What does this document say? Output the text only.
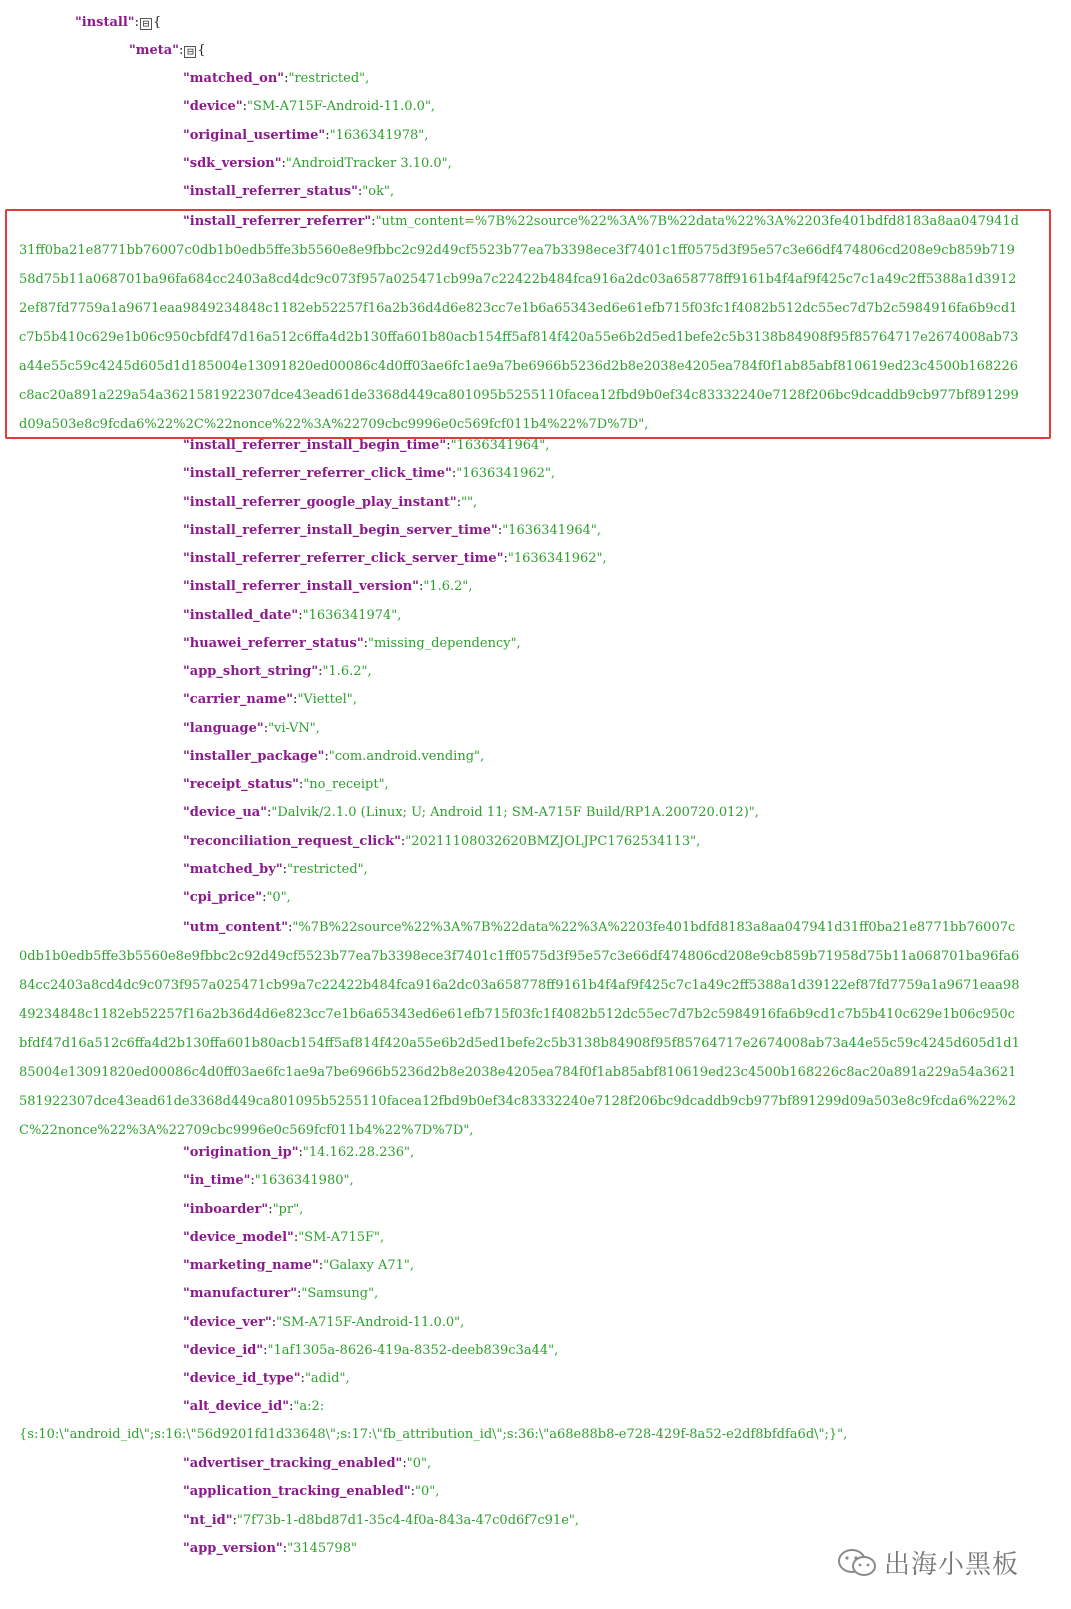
"install": ⊟ {
"meta": ⊟ {
"matched_on":"restricted",
"device":"SM-A715F-Android-11.0.0",
"original_usertime":"1636341978",
"sdk_version":"AndroidTracker 3.10.0",
"install_referrer_status":"ok",
"install_referrer_referrer":"utm_content=%7B%22source%22%3A%7B%22data%22%3A%2203fe401bdfd8183a8aa047941d31ff0ba21e8771bb76007c0db1b0edb5ffe3b5560e8e9fbbc2c92d49cf5523b77ea7b3398ece3f7401c1ff0575d3f95e57c3e66df474806cd208e9cb859b71958d75b11a068701ba96fa684cc2403a8cd4dc9c073f957a025471cb99a7c22422b484fca916a2dc03a658778ff9161b4f4af9f425c7c1a49c2ff5388a1d39122ef87fd7759a1a9671eaa9849234848c1182eb52257f16a2b36d4d6e823cc7e1b6a65343ed6e61efb715f03fc1f4082b512dc55ec7d7b2c5984916fa6b9cd1c7b5b410c629e1b06c950cbfdf47d16a512c6ffa4d2b130ffa601b80acb154ff5af814f420a55e6b2d5ed1befe2c5b3138b84908f95f85764717e2674008ab73a44e55c59c4245d605d1d185004e13091820ed00086c4d0ff03ae6fc1ae9a7be6966b5236d2b8e2038e4205ea784f0f1ab85abf810619ed23c4500b168226c8ac20a891a229a54a3621581922307dce43ead61de3368d449ca801095b5255110facea12fbd9b0ef34c83332240e7128f206bc9dcaddb9cb977bf891299d09a503e8c9fcda6%22%2C%22nonce%22%3A%22709cbc9996e0c569fcf011b4%22%7D%7D",
"install_referrer_install_begin_time":"1636341964",
"install_referrer_referrer_click_time":"1636341962",
"install_referrer_google_play_instant":"",
"install_referrer_install_begin_server_time":"1636341964",
"install_referrer_referrer_click_server_time":"1636341962",
"install_referrer_install_version":"1.6.2",
"installed_date":"1636341974",
"huawei_referrer_status":"missing_dependency",
"app_short_string":"1.6.2",
"carrier_name":"Viettel",
"language":"vi-VN",
"installer_package":"com.android.vending",
"receipt_status":"no_receipt",
"device_ua":"Dalvik/2.1.0 (Linux; U; Android 11; SM-A715F Build/RP1A.200720.012)",
"reconciliation_request_click":"20211108032620BMZJOLJPC1762534113",
"matched_by":"restricted",
"cpi_price":"0",
"utm_content":"%7B%22source%22%3A%7B%22data%22%3A%2203fe401bdfd8183a8aa047941d31ff0ba21e8771bb76007c0db1b0edb5ffe3b5560e8e9fbbc2c92d49cf5523b77ea7b3398ece3f7401c1ff0575d3f95e57c3e66df474806cd208e9cb859b71958d75b11a068701ba96fa684cc2403a8cd4dc9c073f957a025471cb99a7c22422b484fca916a2dc03a658778ff9161b4f4af9f425c7c1a49c2ff5388a1d39122ef87fd7759a1a9671eaa9849234848c1182eb52257f16a2b36d4d6e823cc7e1b6a65343ed6e61efb715f03fc1f4082b512dc55ec7d7b2c5984916fa6b9cd1c7b5b410c629e1b06c950cbfdf47d16a512c6ffa4d2b130ffa601b80acb154ff5af814f420a55e6b2d5ed1befe2c5b3138b84908f95f85764717e2674008ab73a44e55c59c4245d605d1d185004e13091820ed00086c4d0ff03ae6fc1ae9a7be6966b5236d2b8e2038e4205ea784f0f1ab85abf810619ed23c4500b168226c8ac20a891a229a54a3621581922307dce43ead61de3368d449ca801095b5255110facea12fbd9b0ef34c83332240e7128f206bc9dcaddb9cb977bf891299d09a503e8c9fcda6%22%2C%22nonce%22%3A%22709cbc9996e0c569fcf011b4%22%7D%7D",
"origination_ip":"14.162.28.236",
"in_time":"1636341980",
"inboarder":"pr",
"device_model":"SM-A715F",
"marketing_name":"Galaxy A71",
"manufacturer":"Samsung",
"device_ver":"SM-A715F-Android-11.0.0",
"device_id":"1af1305a-8626-419a-8352-deeb839c3a44",
"device_id_type":"adid",
"alt_device_id":"a:2:
{s:10:\"android_id\";s:16:\"56d9201fd1d33648\";s:17:\"fb_attribution_id\";s:36:\"a68e88b8-e728-429f-8a52-e2df8bfdfa6d\";}",
"advertiser_tracking_enabled":"0",
"application_tracking_enabled":"0",
"nt_id":"7f73b-1-d8bd87d1-35c4-4f0a-843a-47c0d6f7c91e",
"app_version":"3145798"
出海小黑板
